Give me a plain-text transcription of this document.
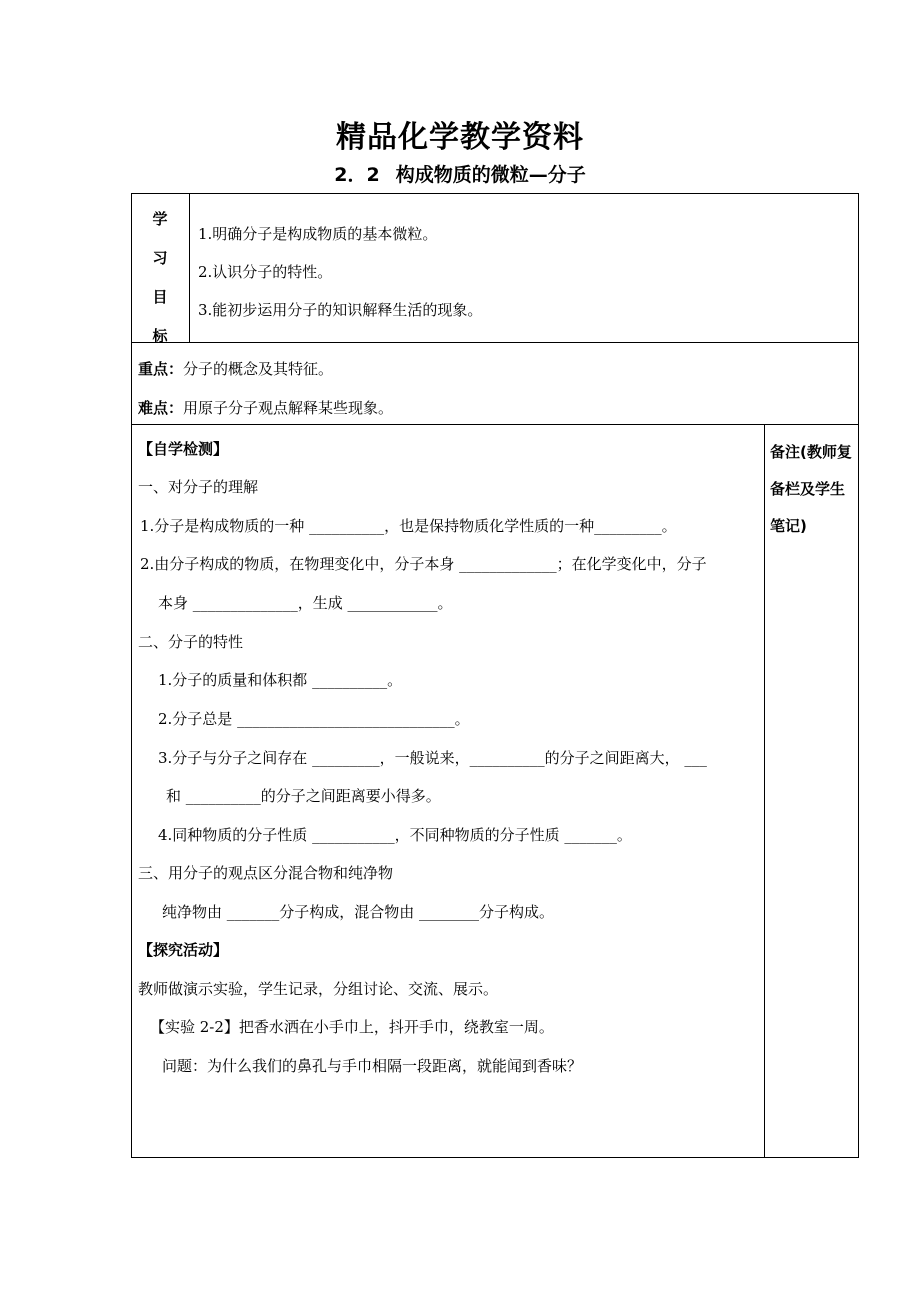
精品化学教学资料
2．2 构成物质的微粒—分子
学
习
目
标
1.明确分子是构成物质的基本微粒。
2.认识分子的特性。
3.能初步运用分子的知识解释生活的现象。
重点：分子的概念及其特征。
难点：用原子分子观点解释某些现象。
备注(教师复备栏及学生笔记)
【自学检测】
一、对分子的理解
1.分子是构成物质的一种 __________，也是保持物质化学性质的一种_________。
2.由分子构成的物质，在物理变化中，分子本身 _____________；在化学变化中，分子
本身 ______________，生成 ____________。
二、分子的特性
1.分子的质量和体积都 __________。
2.分子总是 _____________________________。
3.分子与分子之间存在 _________，一般说来，__________的分子之间距离大， ___
和 __________的分子之间距离要小得多。
4.同种物质的分子性质 ___________，不同种物质的分子性质 _______。
三、用分子的观点区分混合物和纯净物
纯净物由 _______分子构成，混合物由 ________分子构成。
【探究活动】
教师做演示实验，学生记录，分组讨论、交流、展示。
【实验 2-2】把香水洒在小手巾上，抖开手巾，绕教室一周。
问题：为什么我们的鼻孔与手巾相隔一段距离，就能闻到香味？
